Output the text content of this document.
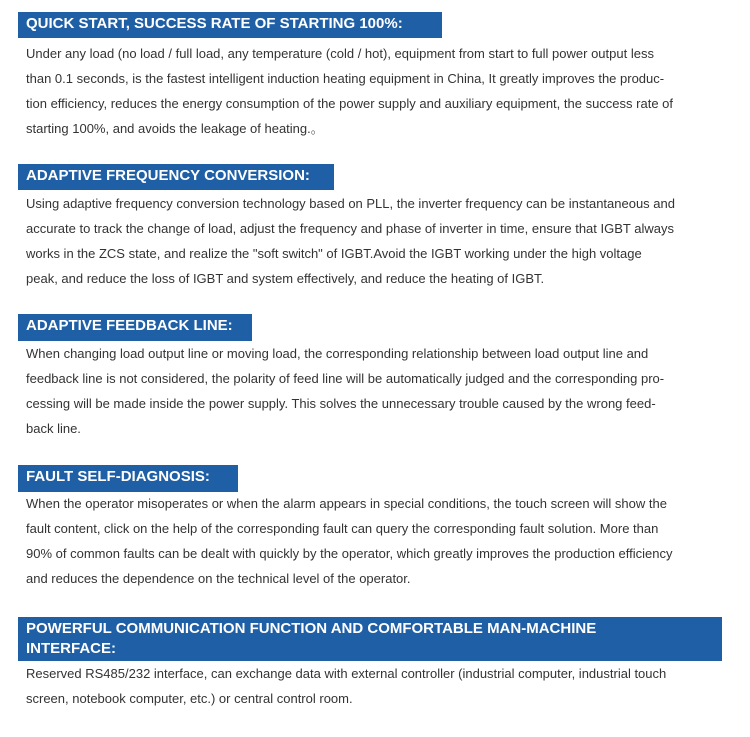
QUICK START, SUCCESS RATE OF STARTING 100%:
Under any load (no load / full load, any temperature (cold / hot), equipment from start to full power output less
than 0.1 seconds, is the fastest intelligent induction heating equipment in China, It greatly improves the produc-
tion efficiency, reduces the energy consumption of the power supply and auxiliary equipment, the success rate of
starting 100%, and avoids the leakage of heating.。
ADAPTIVE FREQUENCY CONVERSION:
Using adaptive frequency conversion technology based on PLL, the inverter frequency can be instantaneous and
accurate to track the change of load, adjust the frequency and phase of inverter in time, ensure that IGBT always
works in the ZCS state, and realize the "soft switch" of IGBT.Avoid the IGBT working under the high voltage
peak, and reduce the loss of IGBT and system effectively, and reduce the heating of IGBT.
ADAPTIVE FEEDBACK LINE:
When changing load output line or moving load, the corresponding relationship between load output line and
feedback line is not considered, the polarity of feed line will be automatically judged and the corresponding pro-
cessing will be made inside the power supply. This solves the unnecessary trouble caused by the wrong feed-
back line.
FAULT SELF-DIAGNOSIS:
When the operator misoperates or when the alarm appears in special conditions, the touch screen will show the
fault content, click on the help of the corresponding fault can query the corresponding fault solution. More than
90% of common faults can be dealt with quickly by the operator, which greatly improves the production efficiency
and reduces the dependence on the technical level of the operator.
POWERFUL COMMUNICATION FUNCTION AND COMFORTABLE MAN-MACHINE INTERFACE:
Reserved RS485/232 interface, can exchange data with external controller (industrial computer, industrial touch
screen, notebook computer, etc.) or central control room.
